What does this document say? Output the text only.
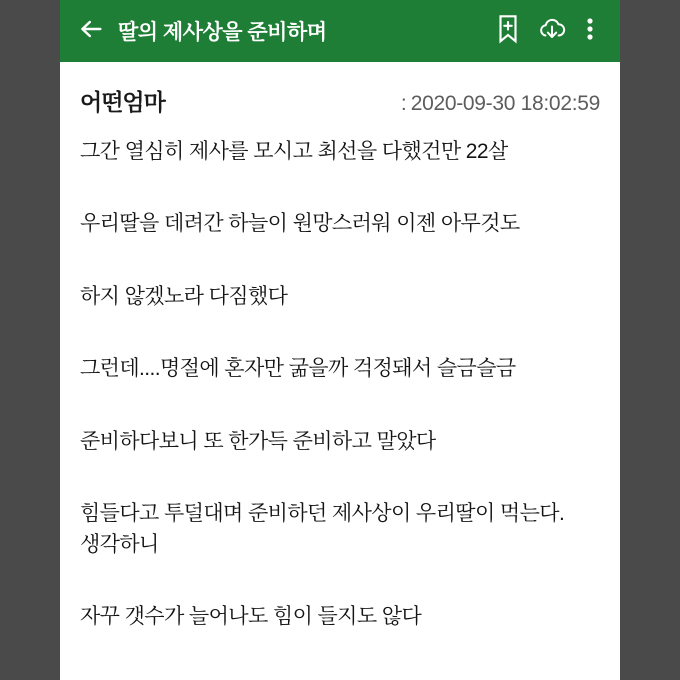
딸의 제사상을 준비하며
어떤엄마	: 2020-09-30 18:02:59

그간 열심히 제사를 모시고 최선을 다했건만 22살

우리딸을 데려간 하늘이 원망스러워 이젠 아무것도

하지 않겠노라 다짐했다

그런데....명절에 혼자만 굶을까 걱정돼서 슬금슬금

준비하다보니 또 한가득 준비하고 말았다

힘들다고 투덜대며 준비하던 제사상이 우리딸이 먹는다.생각하니

자꾸 갯수가 늘어나도 힘이 들지도 않다
